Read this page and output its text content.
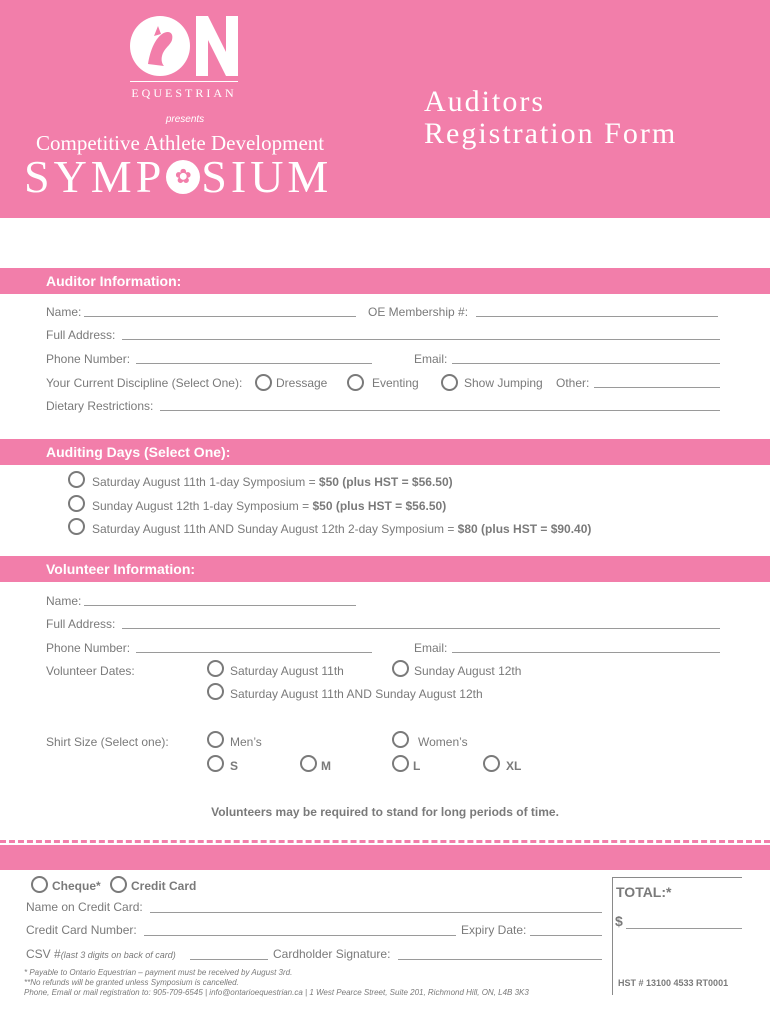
EQUESTRIAN
presents
Competitive Athlete Development
SYMP ✿ SIUM
Auditors
Registration Form
Auditor Information:
Name:	OE Membership #:
Full Address:
Phone Number:	Email:
Your Current Discipline (Select One):	Dressage	Eventing	Show Jumping Other:
Dietary Restrictions:
Auditing Days (Select One):
Saturday August 11th 1-day Symposium = $50 (plus HST = $56.50)
Sunday August 12th 1-day Symposium = $50 (plus HST = $56.50)
Saturday August 11th AND Sunday August 12th 2-day Symposium = $80 (plus HST = $90.40)
Volunteer Information:
Name:
Full Address:
Phone Number:	Email:
Volunteer Dates:	Saturday August 11th	Sunday August 12th
Saturday August 11th AND Sunday August 12th
Shirt Size (Select one):	Men’s	Women’s
S	M	L	XL
Volunteers may be required to stand for long periods of time.
Cheque*	Credit Card
Name on Credit Card:
Credit Card Number:	Expiry Date:
CSV #(last 3 digits on back of card)	Cardholder Signature:
TOTAL:*
$
HST # 13100 4533 RT0001
* Payable to Ontario Equestrian – payment must be received by August 3rd.
**No refunds will be granted unless Symposium is cancelled.
Phone, Email or mail registration to: 905-709-6545 | info@ontarioequestrian.ca | 1 West Pearce Street, Suite 201, Richmond Hill, ON, L4B 3K3
